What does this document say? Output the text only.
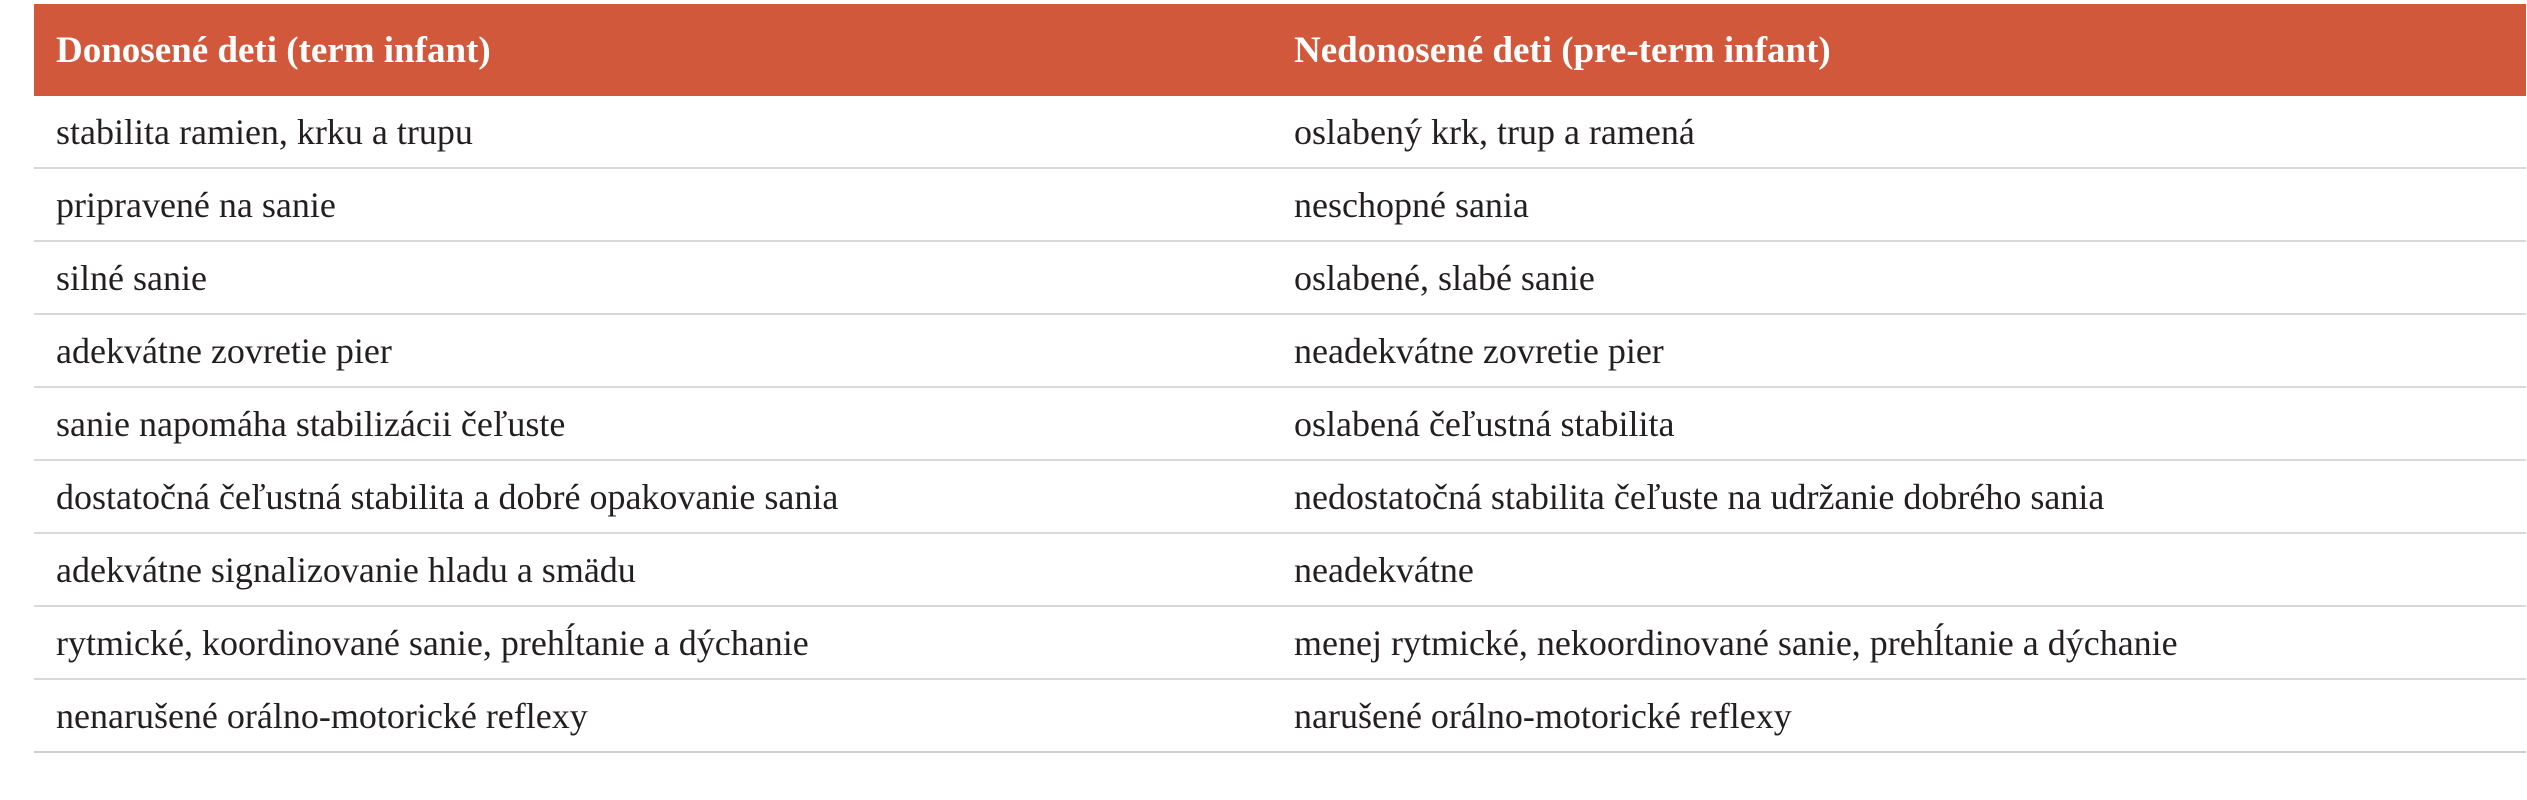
Donosené deti (term infant)	Nedonosené deti (pre-term infant)
stabilita ramien, krku a trupu	oslabený krk, trup a ramená
pripravené na sanie	neschopné sania
silné sanie	oslabené, slabé sanie
adekvátne zovretie pier	neadekvátne zovretie pier
sanie napomáha stabilizácii čeľuste	oslabená čeľustná stabilita
dostatočná čeľustná stabilita a dobré opakovanie sania	nedostatočná stabilita čeľuste na udržanie dobrého sania
adekvátne signalizovanie hladu a smädu	neadekvátne
rytmické, koordinované sanie, prehĺtanie a dýchanie	menej rytmické, nekoordinované sanie, prehĺtanie a dýchanie
nenarušené orálno-motorické reflexy	narušené orálno-motorické reflexy
